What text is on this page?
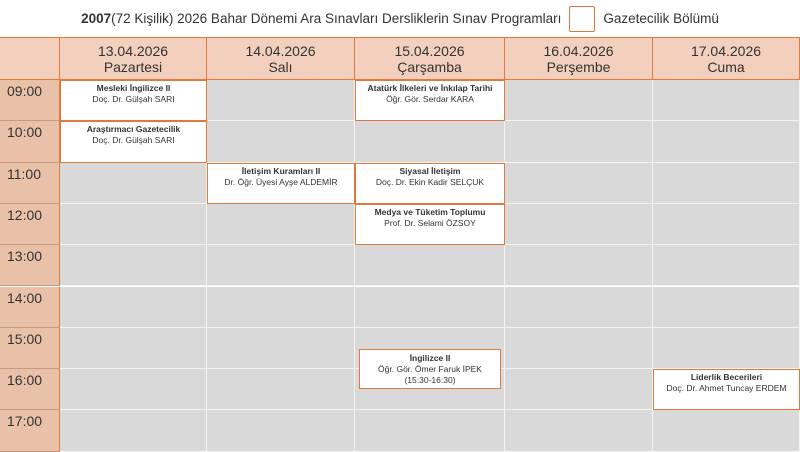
2007 (72 Kişilik) 2026 Bahar Dönemi Ara Sınavları Dersliklerin Sınav Programları	Gazetecilik Bölümü
13.04.2026
Pazartesi
14.04.2026
Salı
15.04.2026
Çarşamba
16.04.2026
Perşembe
17.04.2026
Cuma
09:00
10:00
11:00
12:00
13:00
14:00
15:00
16:00
17:00
Mesleki İngilizce II
Doç. Dr. Gülşah SARI
Araştırmacı Gazetecilik
Doç. Dr. Gülşah SARI
İletişim Kuramları II
Dr. Öğr. Üyesi Ayşe ALDEMİR
Atatürk İlkeleri ve İnkılap Tarihi
Öğr. Gör. Serdar KARA
Siyasal İletişim
Doç. Dr. Ekin Kadir SELÇUK
Medya ve Tüketim Toplumu
Prof. Dr. Selami ÖZSOY
İngilizce II
Öğr. Gör. Ömer Faruk İPEK
(15:30-16:30)	Liderlik Becerileri
Doç. Dr. Ahmet Tuncay ERDEM
